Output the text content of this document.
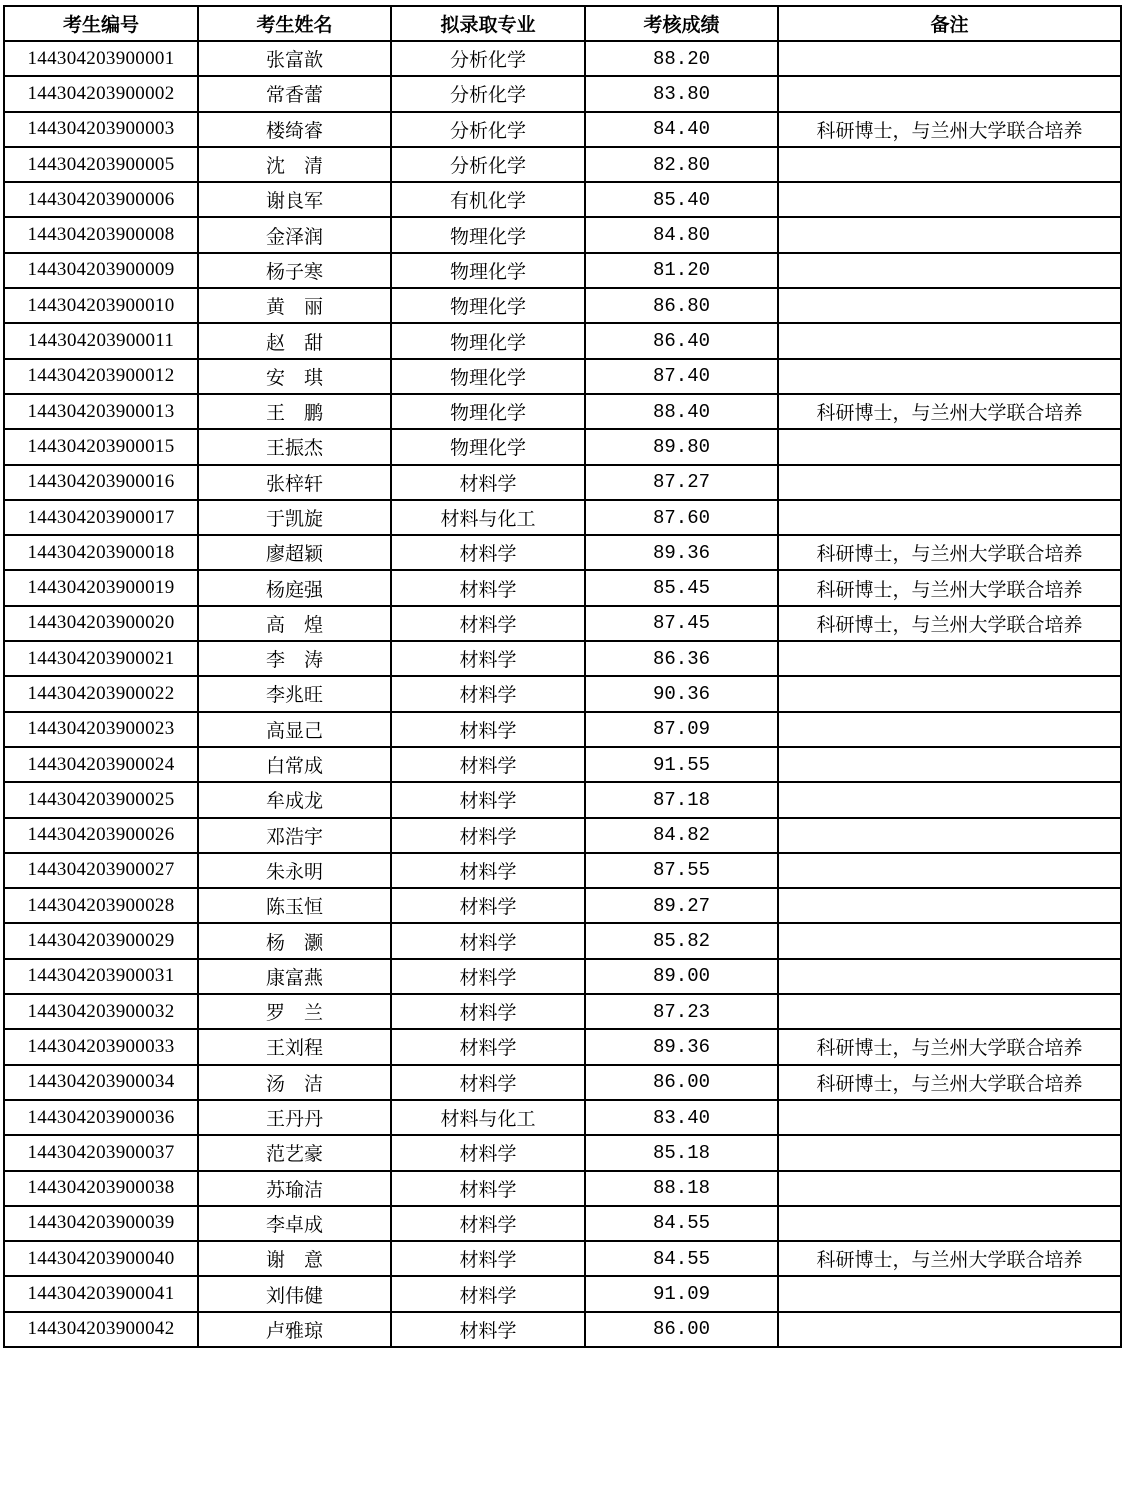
考生编号	考生姓名	拟录取专业	考核成绩	备注
144304203900001	张富歆	分析化学	88.20	
144304203900002	常香蕾	分析化学	83.80	
144304203900003	楼绮睿	分析化学	84.40	科研博士，与兰州大学联合培养
144304203900005	沈　清	分析化学	82.80	
144304203900006	谢良军	有机化学	85.40	
144304203900008	金泽润	物理化学	84.80	
144304203900009	杨子寒	物理化学	81.20	
144304203900010	黄　丽	物理化学	86.80	
144304203900011	赵　甜	物理化学	86.40	
144304203900012	安　琪	物理化学	87.40	
144304203900013	王　鹏	物理化学	88.40	科研博士，与兰州大学联合培养
144304203900015	王振杰	物理化学	89.80	
144304203900016	张梓轩	材料学	87.27	
144304203900017	于凯旋	材料与化工	87.60	
144304203900018	廖超颖	材料学	89.36	科研博士，与兰州大学联合培养
144304203900019	杨庭强	材料学	85.45	科研博士，与兰州大学联合培养
144304203900020	高　煌	材料学	87.45	科研博士，与兰州大学联合培养
144304203900021	李　涛	材料学	86.36	
144304203900022	李兆旺	材料学	90.36	
144304203900023	高显己	材料学	87.09	
144304203900024	白常成	材料学	91.55	
144304203900025	牟成龙	材料学	87.18	
144304203900026	邓浩宇	材料学	84.82	
144304203900027	朱永明	材料学	87.55	
144304203900028	陈玉恒	材料学	89.27	
144304203900029	杨　灏	材料学	85.82	
144304203900031	康富燕	材料学	89.00	
144304203900032	罗　兰	材料学	87.23	
144304203900033	王刘程	材料学	89.36	科研博士，与兰州大学联合培养
144304203900034	汤　洁	材料学	86.00	科研博士，与兰州大学联合培养
144304203900036	王丹丹	材料与化工	83.40	
144304203900037	范艺豪	材料学	85.18	
144304203900038	苏瑜洁	材料学	88.18	
144304203900039	李卓成	材料学	84.55	
144304203900040	谢　意	材料学	84.55	科研博士，与兰州大学联合培养
144304203900041	刘伟健	材料学	91.09	
144304203900042	卢雅琼	材料学	86.00	
